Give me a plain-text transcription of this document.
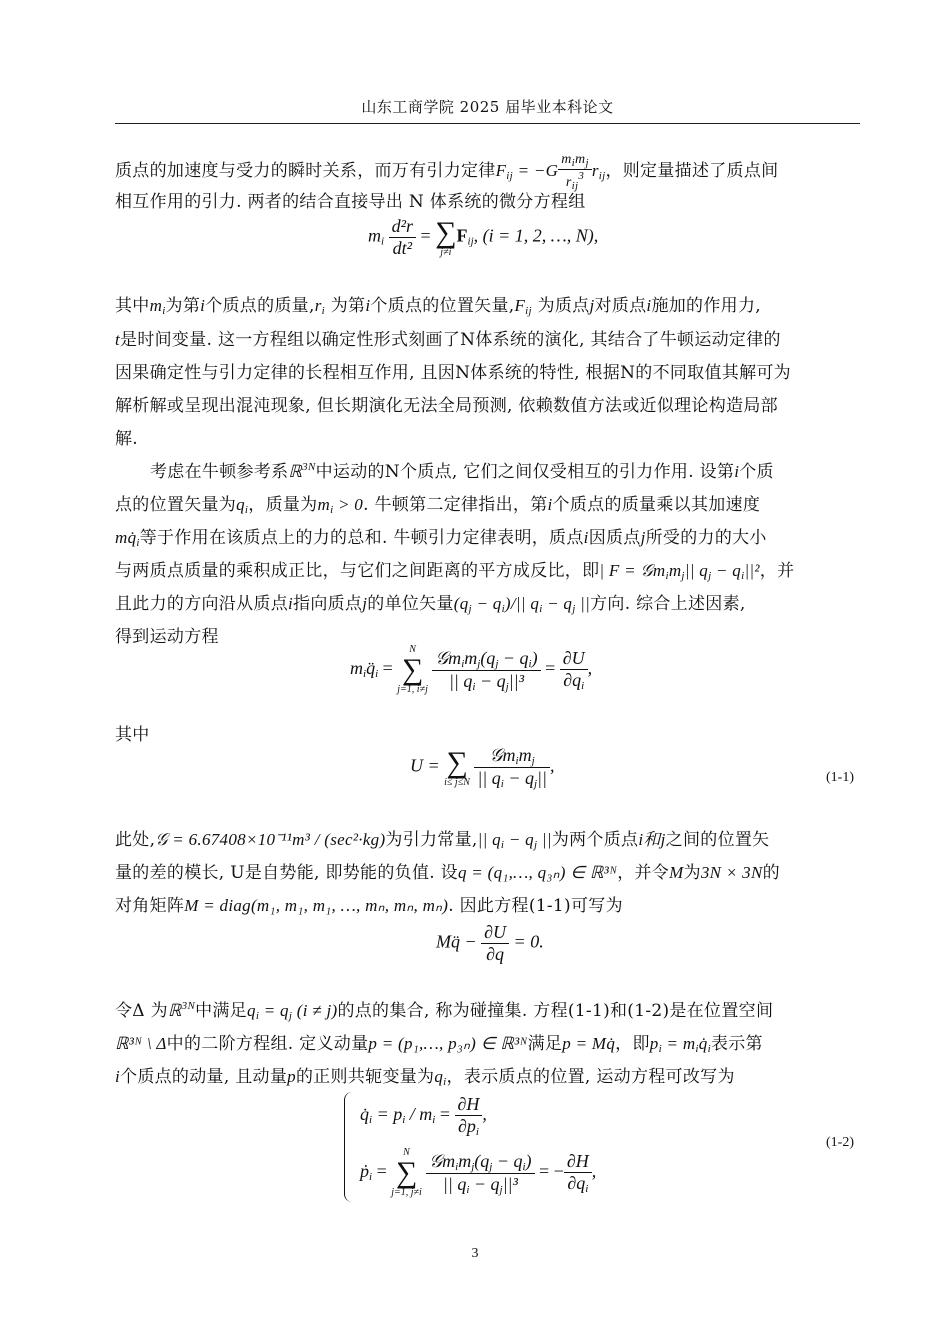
山东工商学院 2025 届毕业本科论文
质点的加速度与受力的瞬时关系，而万有引力定律$F_{ij} = -G \frac{m_im_j}{r_{ij}^3} r_{ij}$，则定量描述了质点间
相互作用的引力. 两者的结合直接导出 N 体系统的微分方程组
$m_i \frac{\text{d²r}}{\text{dt²}}$ = ∑
j≠i
$F_{ij}$, (i = 1, 2, …, N),
其中$m_i$为第i个质点的质量$,r_i$ 为第i个质点的位置矢量$,F_{ij}$ 为质点j对质点i施加的作用力,
t是时间变量. 这一方程组以确定性形式刻画了N体系统的演化, 其结合了牛顿运动定律的
因果确定性与引力定律的长程相互作用, 且因N体系统的特性, 根据N的不同取值其解可为
解析解或呈现出混沌现象, 但长期演化无法全局预测, 依赖数值方法或近似理论构造局部
解.
考虑在牛顿参考系ℝ$^{3N}$中运动的N个质点, 它们之间仅受相互的引力作用. 设第i个质
点的位置矢量为$q_i$，质量为$m_i > 0$. 牛顿第二定律指出，第i个质点的质量乘以其加速度
$mq̇_i$等于作用在该质点上的力的总和. 牛顿引力定律表明，质点i因质点j所受的力的大小
与两质点质量的乘积成正比，与它们之间距离的平方成反比，即| $F = 𝒢m_im_j||$ $q_j - q_i||^2$，并
且此力的方向沿从质点i指向质点j的单位矢量$(q_j - q_i)/||$ $q_i - q_j$ ||方向. 综合上述因素,
得到运动方程
$m_iq̈_i$ =
N
∑
j=1, i≠j
$\frac{𝒢m_im_j(q_j - q_i)}{|| q_i - q_j||^3} = \frac{\partial U}{\partial q_i}$ ,
其中
U = ∑
i≤ j≤N
$\frac{𝒢m_im_j}{|| q_i - q_j||}$ ,
(1-1)
此处,𝒢 = 6.67408×10⁻¹¹m³ / (sec²·kg)为引力常量,|| $q_i - q_j$ ||为两个质点i和j之间的位置矢
量的差的模长, U是自势能, 即势能的负值. 设q = (q₁,…, q₃ₙ) ∈ ℝ³ᴺ，并令M为3N × 3N的
对角矩阵M = diag(m₁, m₁, m₁, …, mₙ, mₙ, mₙ). 因此方程(1-1)可写为
Mq̈ − $\frac{\partial U}{\partial q} = 0$.
令Δ 为ℝ$^{3N}$中满足$q_i = q_j$ (i ≠ j)的点的集合, 称为碰撞集. 方程(1-1)和(1-2)是在位置空间
ℝ³ᴺ \ Δ中的二阶方程组. 定义动量p = (p₁,…, p₃ₙ) ∈ ℝ³ᴺ满足p = Mq̇，即$p_i$ = $m_iq̇_i$表示第
i个质点的动量, 且动量p的正则共轭变量为$q_i$，表示质点的位置, 运动方程可改写为
$q̇_i = p_i / m_i = \frac{\partial H}{\partial p_i}$ ,
ṗ$_i$ =
N
∑
j=1, j≠i
$\frac{𝒢m_im_j(q_j - q_i)}{|| q_i - q_j||^3}$ = − $\frac{\partial H}{\partial q_i}$ ,
(1-2)
3
